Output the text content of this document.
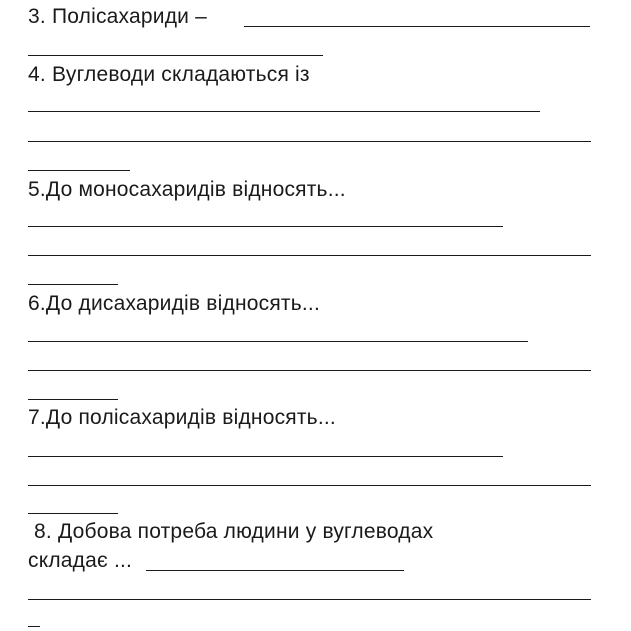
3. Полісахариди –
4. Вуглеводи складаються із
5.До моносахаридів відносять...
6.До дисахаридів відносять...
7.До полісахаридів відносять...
8. Добова потреба людини у вуглеводах
складає ...
